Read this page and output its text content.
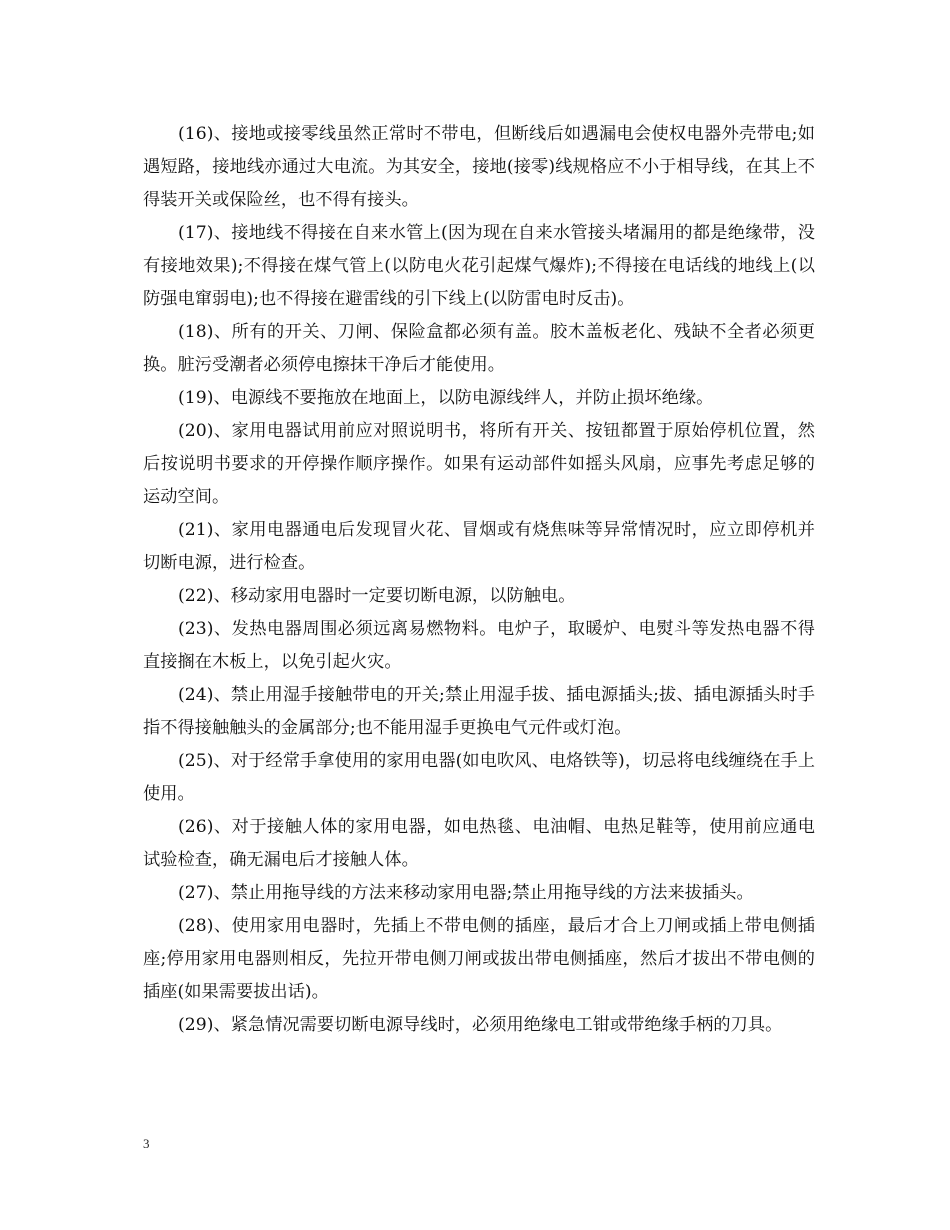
(16)、接地或接零线虽然正常时不带电，但断线后如遇漏电会使权电器外壳带电;如遇短路，接地线亦通过大电流。为其安全，接地(接零)线规格应不小于相导线，在其上不得装开关或保险丝，也不得有接头。

(17)、接地线不得接在自来水管上(因为现在自来水管接头堵漏用的都是绝缘带，没有接地效果);不得接在煤气管上(以防电火花引起煤气爆炸);不得接在电话线的地线上(以防强电窜弱电);也不得接在避雷线的引下线上(以防雷电时反击)。

(18)、所有的开关、刀闸、保险盒都必须有盖。胶木盖板老化、残缺不全者必须更换。脏污受潮者必须停电擦抹干净后才能使用。

(19)、电源线不要拖放在地面上，以防电源线绊人，并防止损坏绝缘。

(20)、家用电器试用前应对照说明书，将所有开关、按钮都置于原始停机位置，然后按说明书要求的开停操作顺序操作。如果有运动部件如摇头风扇，应事先考虑足够的运动空间。

(21)、家用电器通电后发现冒火花、冒烟或有烧焦味等异常情况时，应立即停机并切断电源，进行检查。

(22)、移动家用电器时一定要切断电源，以防触电。

(23)、发热电器周围必须远离易燃物料。电炉子，取暖炉、电熨斗等发热电器不得直接搁在木板上，以免引起火灾。

(24)、禁止用湿手接触带电的开关;禁止用湿手拔、插电源插头;拔、插电源插头时手指不得接触触头的金属部分;也不能用湿手更换电气元件或灯泡。

(25)、对于经常手拿使用的家用电器(如电吹风、电烙铁等)，切忌将电线缠绕在手上使用。

(26)、对于接触人体的家用电器，如电热毯、电油帽、电热足鞋等，使用前应通电试验检查，确无漏电后才接触人体。

(27)、禁止用拖导线的方法来移动家用电器;禁止用拖导线的方法来拔插头。

(28)、使用家用电器时，先插上不带电侧的插座，最后才合上刀闸或插上带电侧插座;停用家用电器则相反，先拉开带电侧刀闸或拔出带电侧插座，然后才拔出不带电侧的插座(如果需要拔出话)。

(29)、紧急情况需要切断电源导线时，必须用绝缘电工钳或带绝缘手柄的刀具。

3
